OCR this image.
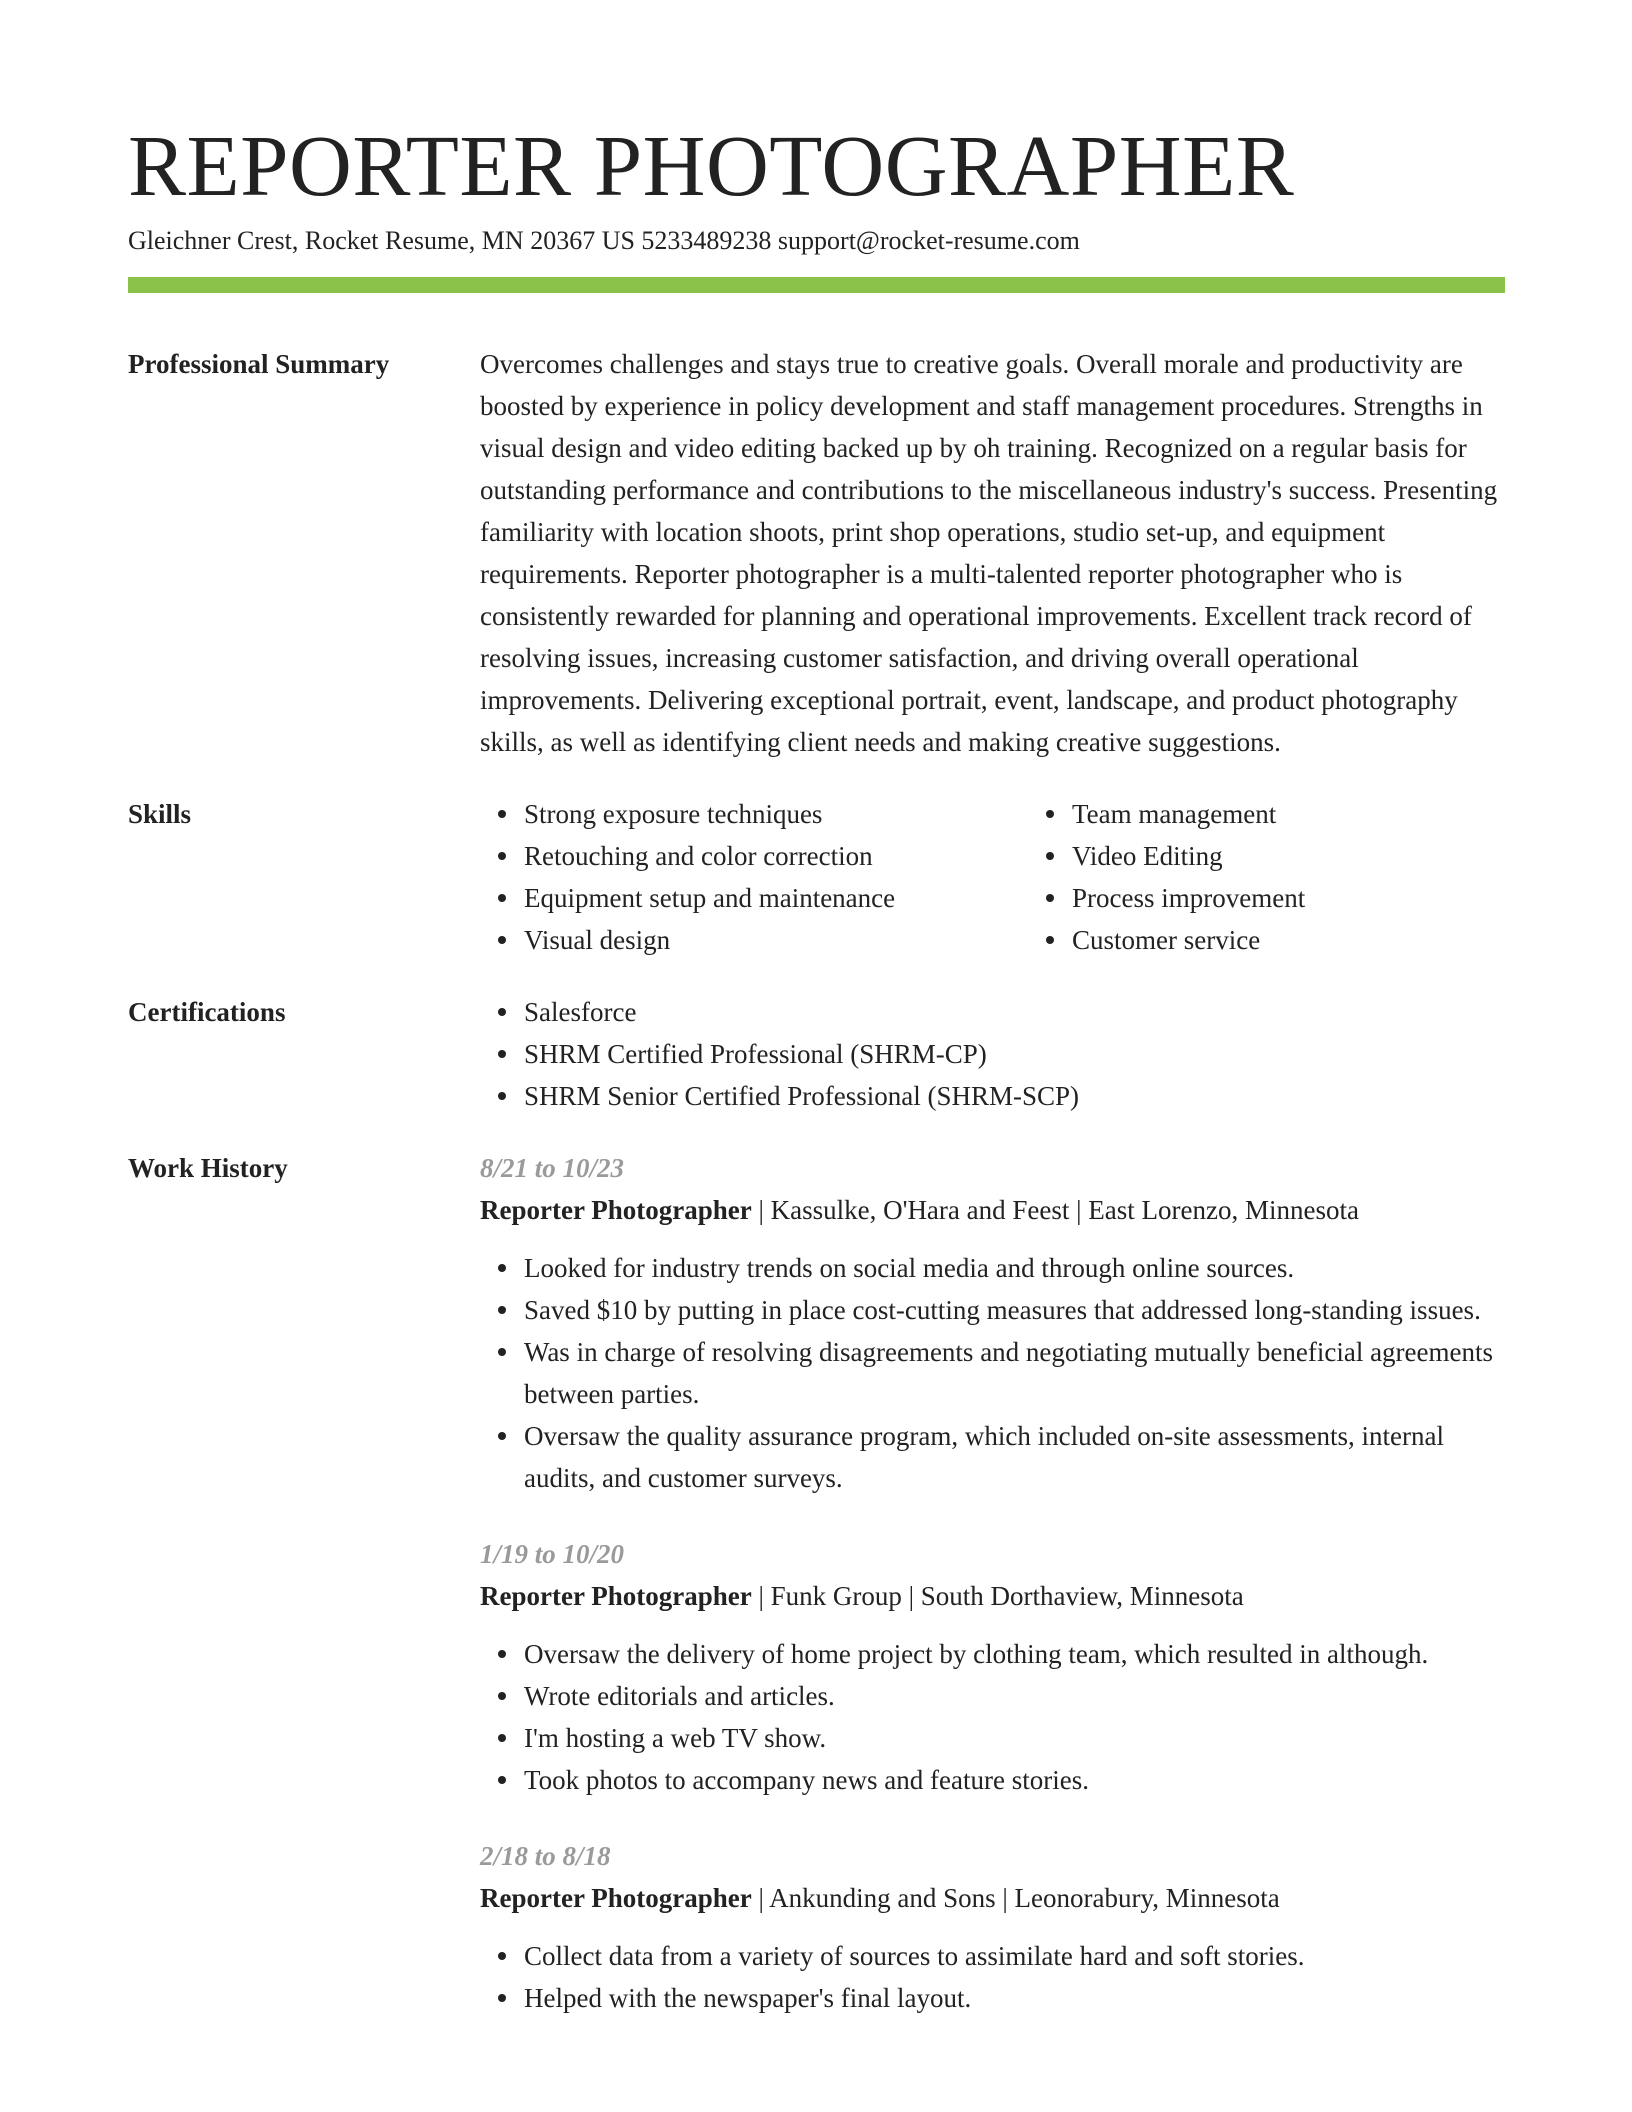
REPORTER PHOTOGRAPHER
Gleichner Crest, Rocket Resume, MN 20367 US 5233489238 support@rocket-resume.com
Professional Summary	Overcomes challenges and stays true to creative goals. Overall morale and productivity are boosted by experience in policy development and staff management procedures. Strengths in visual design and video editing backed up by oh training. Recognized on a regular basis for outstanding performance and contributions to the miscellaneous industry's success. Presenting familiarity with location shoots, print shop operations, studio set-up, and equipment requirements. Reporter photographer is a multi-talented reporter photographer who is consistently rewarded for planning and operational improvements. Excellent track record of resolving issues, increasing customer satisfaction, and driving overall operational improvements. Delivering exceptional portrait, event, landscape, and product photography skills, as well as identifying client needs and making creative suggestions.

Skills	Strong exposure techniques
Retouching and color correction
Equipment setup and maintenance
Visual design
Team management
Video Editing
Process improvement
Customer service
Certifications	Salesforce
SHRM Certified Professional (SHRM-CP)
SHRM Senior Certified Professional (SHRM-SCP)
Work History	8/21 to 10/23
Reporter Photographer | Kassulke, O'Hara and Feest | East Lorenzo, Minnesota
Looked for industry trends on social media and through online sources.
Saved $10 by putting in place cost-cutting measures that addressed long-standing issues.
Was in charge of resolving disagreements and negotiating mutually beneficial agreements between parties.
Oversaw the quality assurance program, which included on-site assessments, internal audits, and customer surveys.
1/19 to 10/20
Reporter Photographer | Funk Group | South Dorthaview, Minnesota
Oversaw the delivery of home project by clothing team, which resulted in although.
Wrote editorials and articles.
I'm hosting a web TV show.
Took photos to accompany news and feature stories.
2/18 to 8/18
Reporter Photographer | Ankunding and Sons | Leonorabury, Minnesota
Collect data from a variety of sources to assimilate hard and soft stories.
Helped with the newspaper's final layout.
